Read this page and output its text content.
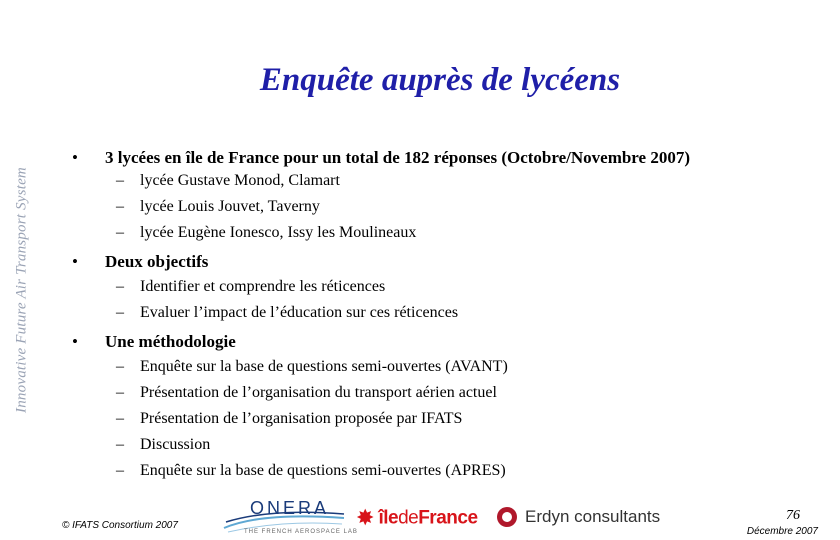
Innovative Future Air Transport System
Enquête auprès de lycéens
• 3 lycées en île de France pour un total de 182 réponses (Octobre/Novembre 2007)
– lycée Gustave Monod, Clamart
– lycée Louis Jouvet, Taverny
– lycée Eugène Ionesco, Issy les Moulineaux
• Deux objectifs
– Identifier et comprendre les réticences
– Evaluer l’impact de l’éducation sur ces réticences
• Une méthodologie
– Enquête sur la base de questions semi-ouvertes (AVANT)
– Présentation de l’organisation du transport aérien actuel
– Présentation de l’organisation proposée par IFATS
– Discussion
– Enquête sur la base de questions semi-ouvertes (APRES)
© IFATS Consortium 2007
ONERA
THE FRENCH AEROSPACE LAB
✸ îledeFrance	Erdyn consultants	76
Décembre 2007
